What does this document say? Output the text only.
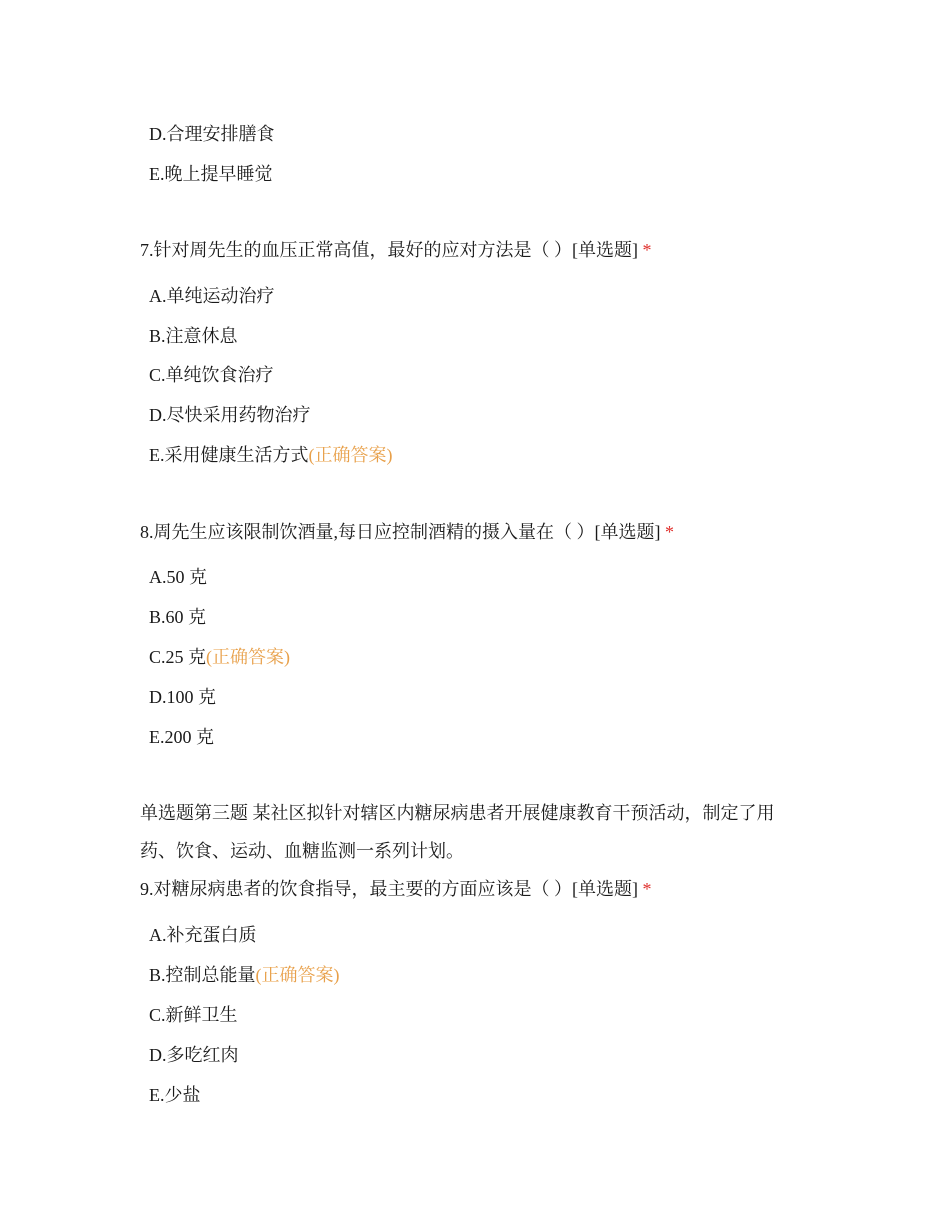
D.合理安排膳食
E.晚上提早睡觉
7.针对周先生的血压正常高值，最好的应对方法是（ ）[单选题] *
A.单纯运动治疗
B.注意休息
C.单纯饮食治疗
D.尽快采用药物治疗
E.采用健康生活方式(正确答案)
8.周先生应该限制饮酒量,每日应控制酒精的摄入量在（ ）[单选题] *
A.50 克
B.60 克
C.25 克(正确答案)
D.100 克
E.200 克
单选题第三题 某社区拟针对辖区内糖尿病患者开展健康教育干预活动，制定了用
药、饮食、运动、血糖监测一系列计划。
9.对糖尿病患者的饮食指导，最主要的方面应该是（ ）[单选题] *
A.补充蛋白质
B.控制总能量(正确答案)
C.新鲜卫生
D.多吃红肉
E.少盐
